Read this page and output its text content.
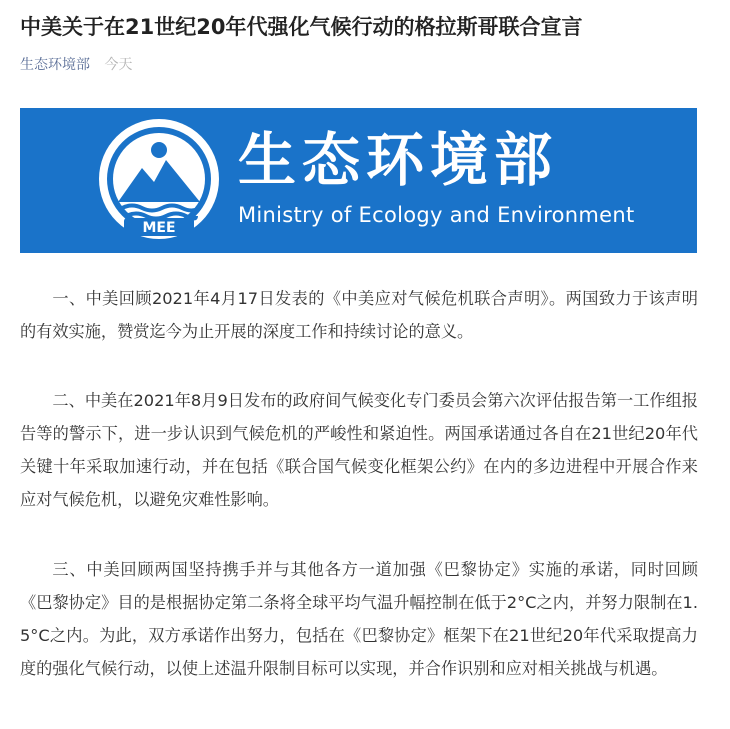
中美关于在21世纪20年代强化气候行动的格拉斯哥联合宣言
生态环境部 今天
MEE
生态环境部
Ministry of Ecology and Environment

一、中美回顾2021年4月17日发表的《中美应对气候危机联合声明》。两国致力于该声明的有效实施，赞赏迄今为止开展的深度工作和持续讨论的意义。

二、中美在2021年8月9日发布的政府间气候变化专门委员会第六次评估报告第一工作组报告等的警示下，进一步认识到气候危机的严峻性和紧迫性。两国承诺通过各自在21世纪20年代关键十年采取加速行动，并在包括《联合国气候变化框架公约》在内的多边进程中开展合作来应对气候危机，以避免灾难性影响。

三、中美回顾两国坚持携手并与其他各方一道加强《巴黎协定》实施的承诺，同时回顾《巴黎协定》目的是根据协定第二条将全球平均气温升幅控制在低于2°C之内，并努力限制在1.5°C之内。为此，双方承诺作出努力，包括在《巴黎协定》框架下在21世纪20年代采取提高力度的强化气候行动，以使上述温升限制目标可以实现，并合作识别和应对相关挑战与机遇。
